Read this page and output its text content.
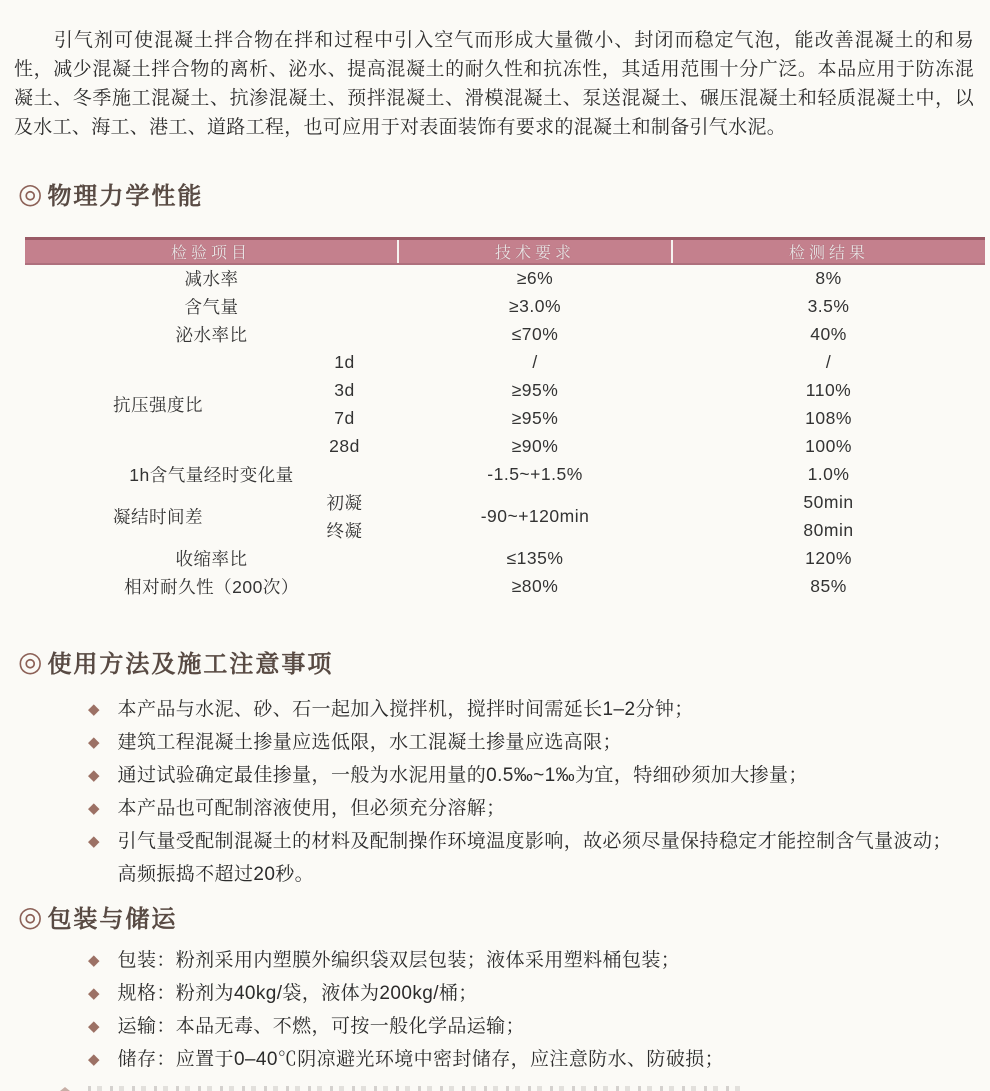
引气剂可使混凝土拌合物在拌和过程中引入空气而形成大量微小、封闭而稳定气泡，能改善混凝土的和易性，减少混凝土拌合物的离析、泌水、提高混凝土的耐久性和抗冻性，其适用范围十分广泛。本品应用于防冻混凝土、冬季施工混凝土、抗渗混凝土、预拌混凝土、滑模混凝土、泵送混凝土、碾压混凝土和轻质混凝土中，以及水工、海工、港工、道路工程，也可应用于对表面装饰有要求的混凝土和制备引气水泥。

◎ 物理力学性能
检验项目		技术要求	检测结果
减水率		≥6%	8%
含气量		≥3.0%	3.5%
泌水率比		≤70%	40%
抗压强度比	1d	/	/
	3d	≥95%	110%
	7d	≥95%	108%
	28d	≥90%	100%
1h含气量经时变化量		-1.5~+1.5%	1.0%
凝结时间差	初凝	-90~+120min	50min
	终凝		80min
收缩率比		≤135%	120%
相对耐久性（200次）		≥80%	85%
◎ 使用方法及施工注意事项
◆ 本产品与水泥、砂、石一起加入搅拌机，搅拌时间需延长1–2分钟；
◆ 建筑工程混凝土掺量应选低限，水工混凝土掺量应选高限；
◆ 通过试验确定最佳掺量，一般为水泥用量的0.5‰~1‰为宜，特细砂须加大掺量；
◆ 本产品也可配制溶液使用，但必须充分溶解；
◆ 引气量受配制混凝土的材料及配制操作环境温度影响，故必须尽量保持稳定才能控制含气量波动；
高频振捣不超过20秒。
◎ 包装与储运
◆ 包装：粉剂采用内塑膜外编织袋双层包装；液体采用塑料桶包装；
◆ 规格：粉剂为40kg/袋，液体为200kg/桶；
◆ 运输：本品无毒、不燃，可按一般化学品运输；
◆ 储存：应置于0–40℃阴凉避光环境中密封储存，应注意防水、防破损；
